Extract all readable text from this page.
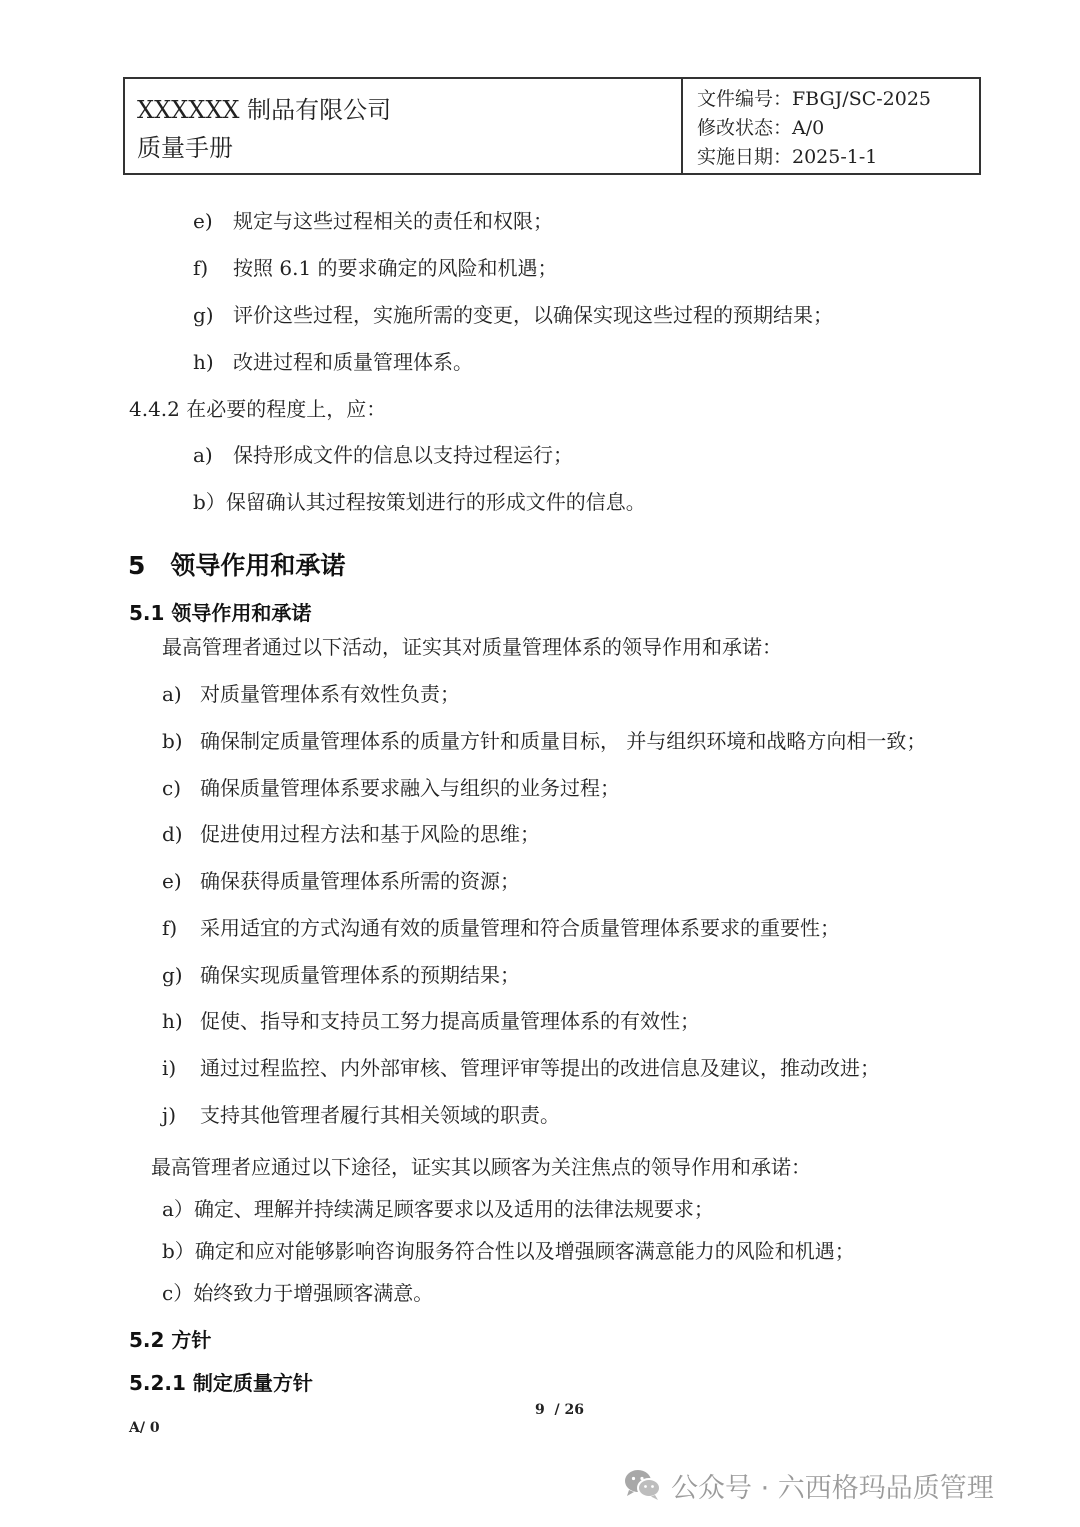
XXXXXX 制品有限公司
质量手册
文件编号：FBGJ/SC-2025
修改状态：A/0
实施日期：2025-1-1
e) 规定与这些过程相关的责任和权限；
f) 按照 6.1 的要求确定的风险和机遇；
g) 评价这些过程，实施所需的变更，以确保实现这些过程的预期结果；
h) 改进过程和质量管理体系。
4.4.2 在必要的程度上，应：
a) 保持形成文件的信息以支持过程运行；
b）保留确认其过程按策划进行的形成文件的信息。
5　领导作用和承诺
5.1 领导作用和承诺
最高管理者通过以下活动，证实其对质量管理体系的领导作用和承诺：
a) 对质量管理体系有效性负责；
b) 确保制定质量管理体系的质量方针和质量目标， 并与组织环境和战略方向相一致；
c) 确保质量管理体系要求融入与组织的业务过程；
d) 促进使用过程方法和基于风险的思维；
e) 确保获得质量管理体系所需的资源；
f) 采用适宜的方式沟通有效的质量管理和符合质量管理体系要求的重要性；
g) 确保实现质量管理体系的预期结果；
h) 促使、指导和支持员工努力提高质量管理体系的有效性；
i) 通过过程监控、内外部审核、管理评审等提出的改进信息及建议，推动改进；
j) 支持其他管理者履行其相关领域的职责。
最高管理者应通过以下途径，证实其以顾客为关注焦点的领导作用和承诺：
a）确定、理解并持续满足顾客要求以及适用的法律法规要求；
b）确定和应对能够影响咨询服务符合性以及增强顾客满意能力的风险和机遇；
c）始终致力于增强顾客满意。
5.2 方针
5.2.1 制定质量方针
9 / 26
A/ 0
公众号 · 六西格玛品质管理
